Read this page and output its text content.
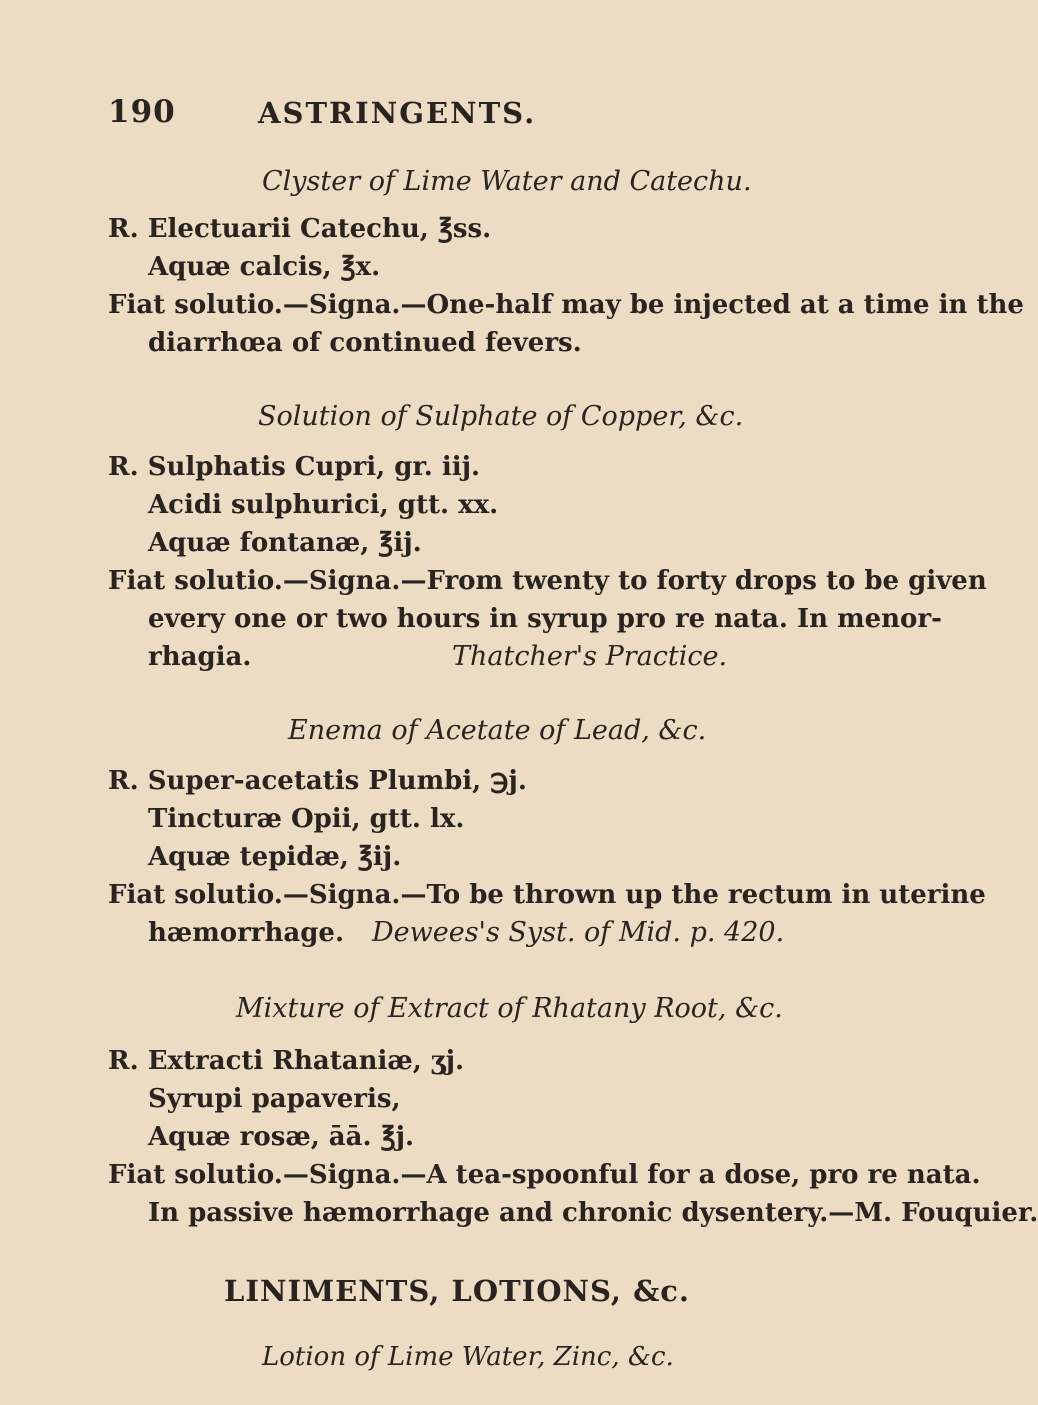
190	ASTRINGENTS.
Clyster of Lime Water and Catechu.
R. Electuarii Catechu, ℥ss.
Aquæ calcis, ℥x.
Fiat solutio.—Signa.—One-half may be injected at a time in the
diarrhœa of continued fevers.
Solution of Sulphate of Copper, &c.
R. Sulphatis Cupri, gr. iij.
Acidi sulphurici, gtt. xx.
Aquæ fontanæ, ℥ij.
Fiat solutio.—Signa.—From twenty to forty drops to be given
every one or two hours in syrup pro re nata. In menor-
rhagia.	Thatcher's Practice.
Enema of Acetate of Lead, &c.
R. Super-acetatis Plumbi, ℈j.
Tincturæ Opii, gtt. lx.
Aquæ tepidæ, ℥ij.
Fiat solutio.—Signa.—To be thrown up the rectum in uterine
hæmorrhage. Dewees's Syst. of Mid. p. 420.
Mixture of Extract of Rhatany Root, &c.
R. Extracti Rhataniæ, ʒj.
Syrupi papaveris,
Aquæ rosæ, āā. ℥j.
Fiat solutio.—Signa.—A tea-spoonful for a dose, pro re nata.
In passive hæmorrhage and chronic dysentery.—M. Fouquier.
LINIMENTS, LOTIONS, &c.
Lotion of Lime Water, Zinc, &c.
